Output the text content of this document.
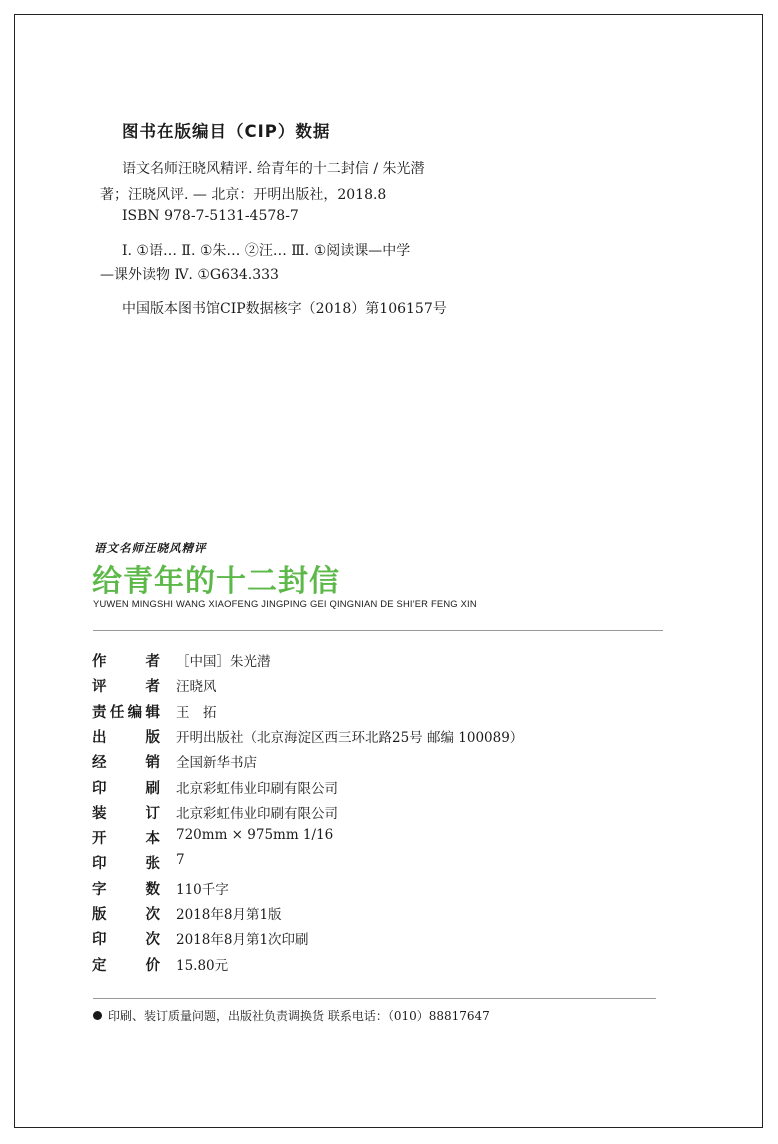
图书在版编目（CIP）数据
语文名师汪晓风精评. 给青年的十二封信 / 朱光潜
著；汪晓风评. — 北京：开明出版社，2018.8
ISBN 978-7-5131-4578-7
Ⅰ. ①语… Ⅱ. ①朱… ②汪… Ⅲ. ①阅读课—中学
—课外读物 Ⅳ. ①G634.333
中国版本图书馆CIP数据核字（2018）第106157号
语文名师汪晓风精评
给青年的十二封信
YUWEN MINGSHI WANG XIAOFENG JINGPING GEI QINGNIAN DE SHI'ER FENG XIN
作	者 ［中国］朱光潜
评	者 汪晓风
责 任 编 辑 王　拓
出	版 开明出版社（北京海淀区西三环北路25号 邮编 100089）
经	销 全国新华书店
印	刷 北京彩虹伟业印刷有限公司
装	订 北京彩虹伟业印刷有限公司
开	本 720mm × 975mm 1/16
印	张 7
字	数 110千字
版	次 2018年8月第1版
印	次 2018年8月第1次印刷
定	价 15.80元
印刷、装订质量问题，出版社负责调换货 联系电话：（010）88817647
